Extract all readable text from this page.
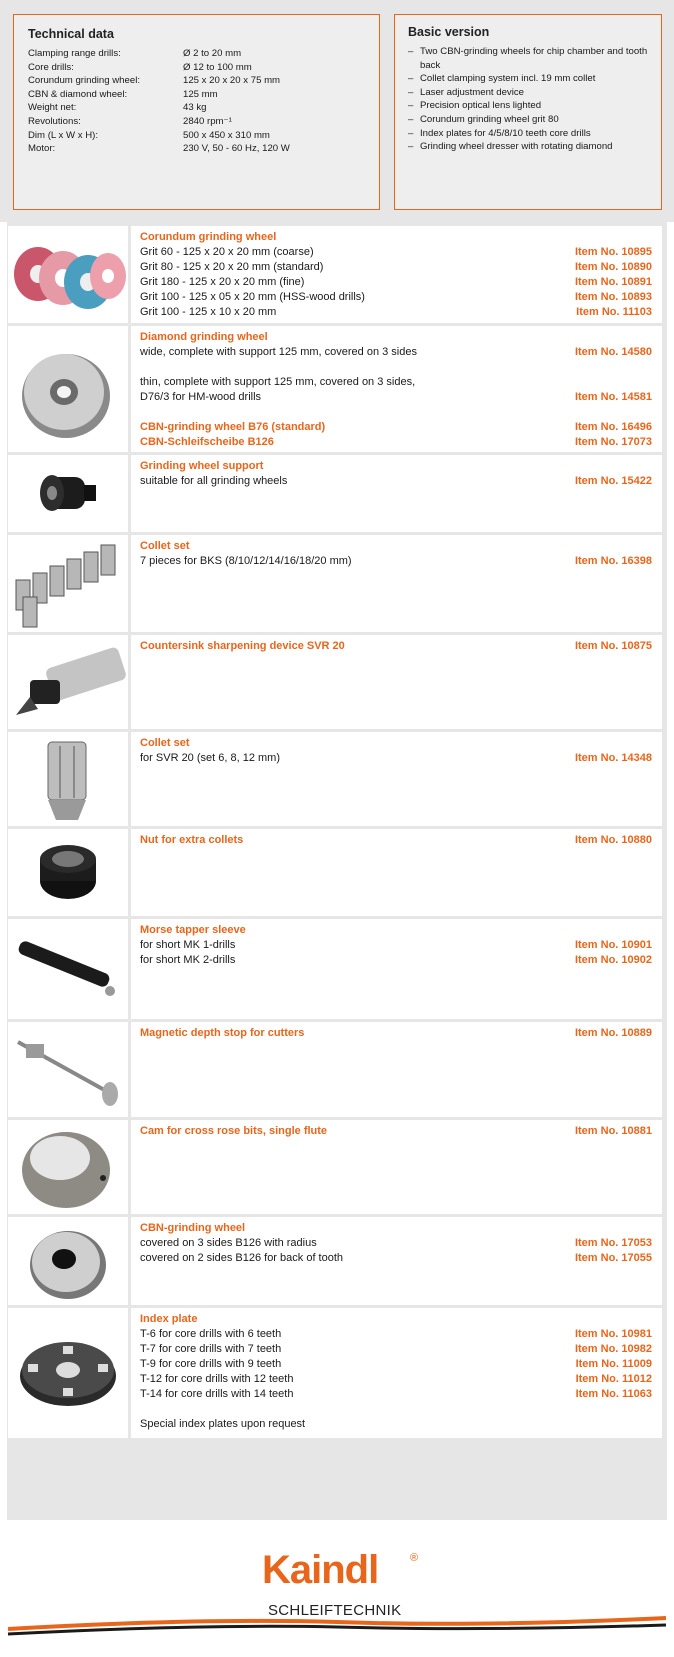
Technical data
Clamping range drills:	Ø 2 to 20 mm
Core drills:	Ø 12 to 100 mm
Corundum grinding wheel:	125 x 20 x 20 x 75 mm
CBN & diamond wheel:	125 mm
Weight net:	43 kg
Revolutions:	2840 rpm⁻¹
Dim (L x W x H):	500 x 450 x 310 mm
Motor:	230 V, 50 - 60 Hz, 120 W
Basic version
– Two CBN-grinding wheels for chip chamber and tooth back
– Collet clamping system incl. 19 mm collet
– Laser adjustment device
– Precision optical lens lighted
– Corundum grinding wheel grit 80
– Index plates for 4/5/8/10 teeth core drills
– Grinding wheel dresser with rotating diamond
Corundum grinding wheel
Grit 60 - 125 x 20 x 20 mm (coarse)	Item No. 10895
Grit 80 - 125 x 20 x 20 mm (standard)	Item No. 10890
Grit 180 - 125 x 20 x 20 mm (fine)	Item No. 10891
Grit 100 - 125 x 05 x 20 mm (HSS-wood drills)	Item No. 10893
Grit 100 - 125 x 10 x 20 mm	Item No. 11103
Diamond grinding wheel
wide, complete with support 125 mm, covered on 3 sides	Item No. 14580
thin, complete with support 125 mm, covered on 3 sides,
D76/3 for HM-wood drills	Item No. 14581
CBN-grinding wheel B76 (standard)	Item No. 16496
CBN-Schleifscheibe B126	Item No. 17073
Grinding wheel support
suitable for all grinding wheels	Item No. 15422
Collet set
7 pieces for BKS (8/10/12/14/16/18/20 mm)	Item No. 16398
Countersink sharpening device SVR 20	Item No. 10875
Collet set
for SVR 20 (set 6, 8, 12 mm)	Item No. 14348
Nut for extra collets	Item No. 10880
Morse tapper sleeve
for short MK 1-drills	Item No. 10901
for short MK 2-drills	Item No. 10902
Magnetic depth stop for cutters	Item No. 10889
Cam for cross rose bits, single flute	Item No. 10881
CBN-grinding wheel
covered on 3 sides B126 with radius	Item No. 17053
covered on 2 sides B126 for back of tooth	Item No. 17055
Index plate
T-6 for core drills with 6 teeth	Item No. 10981
T-7 for core drills with 7 teeth	Item No. 10982
T-9 for core drills with 9 teeth	Item No. 11009
T-12 for core drills with 12 teeth	Item No. 11012
T-14 for core drills with 14 teeth	Item No. 11063
Special index plates upon request
Kaindl	®
SCHLEIFTECHNIK
